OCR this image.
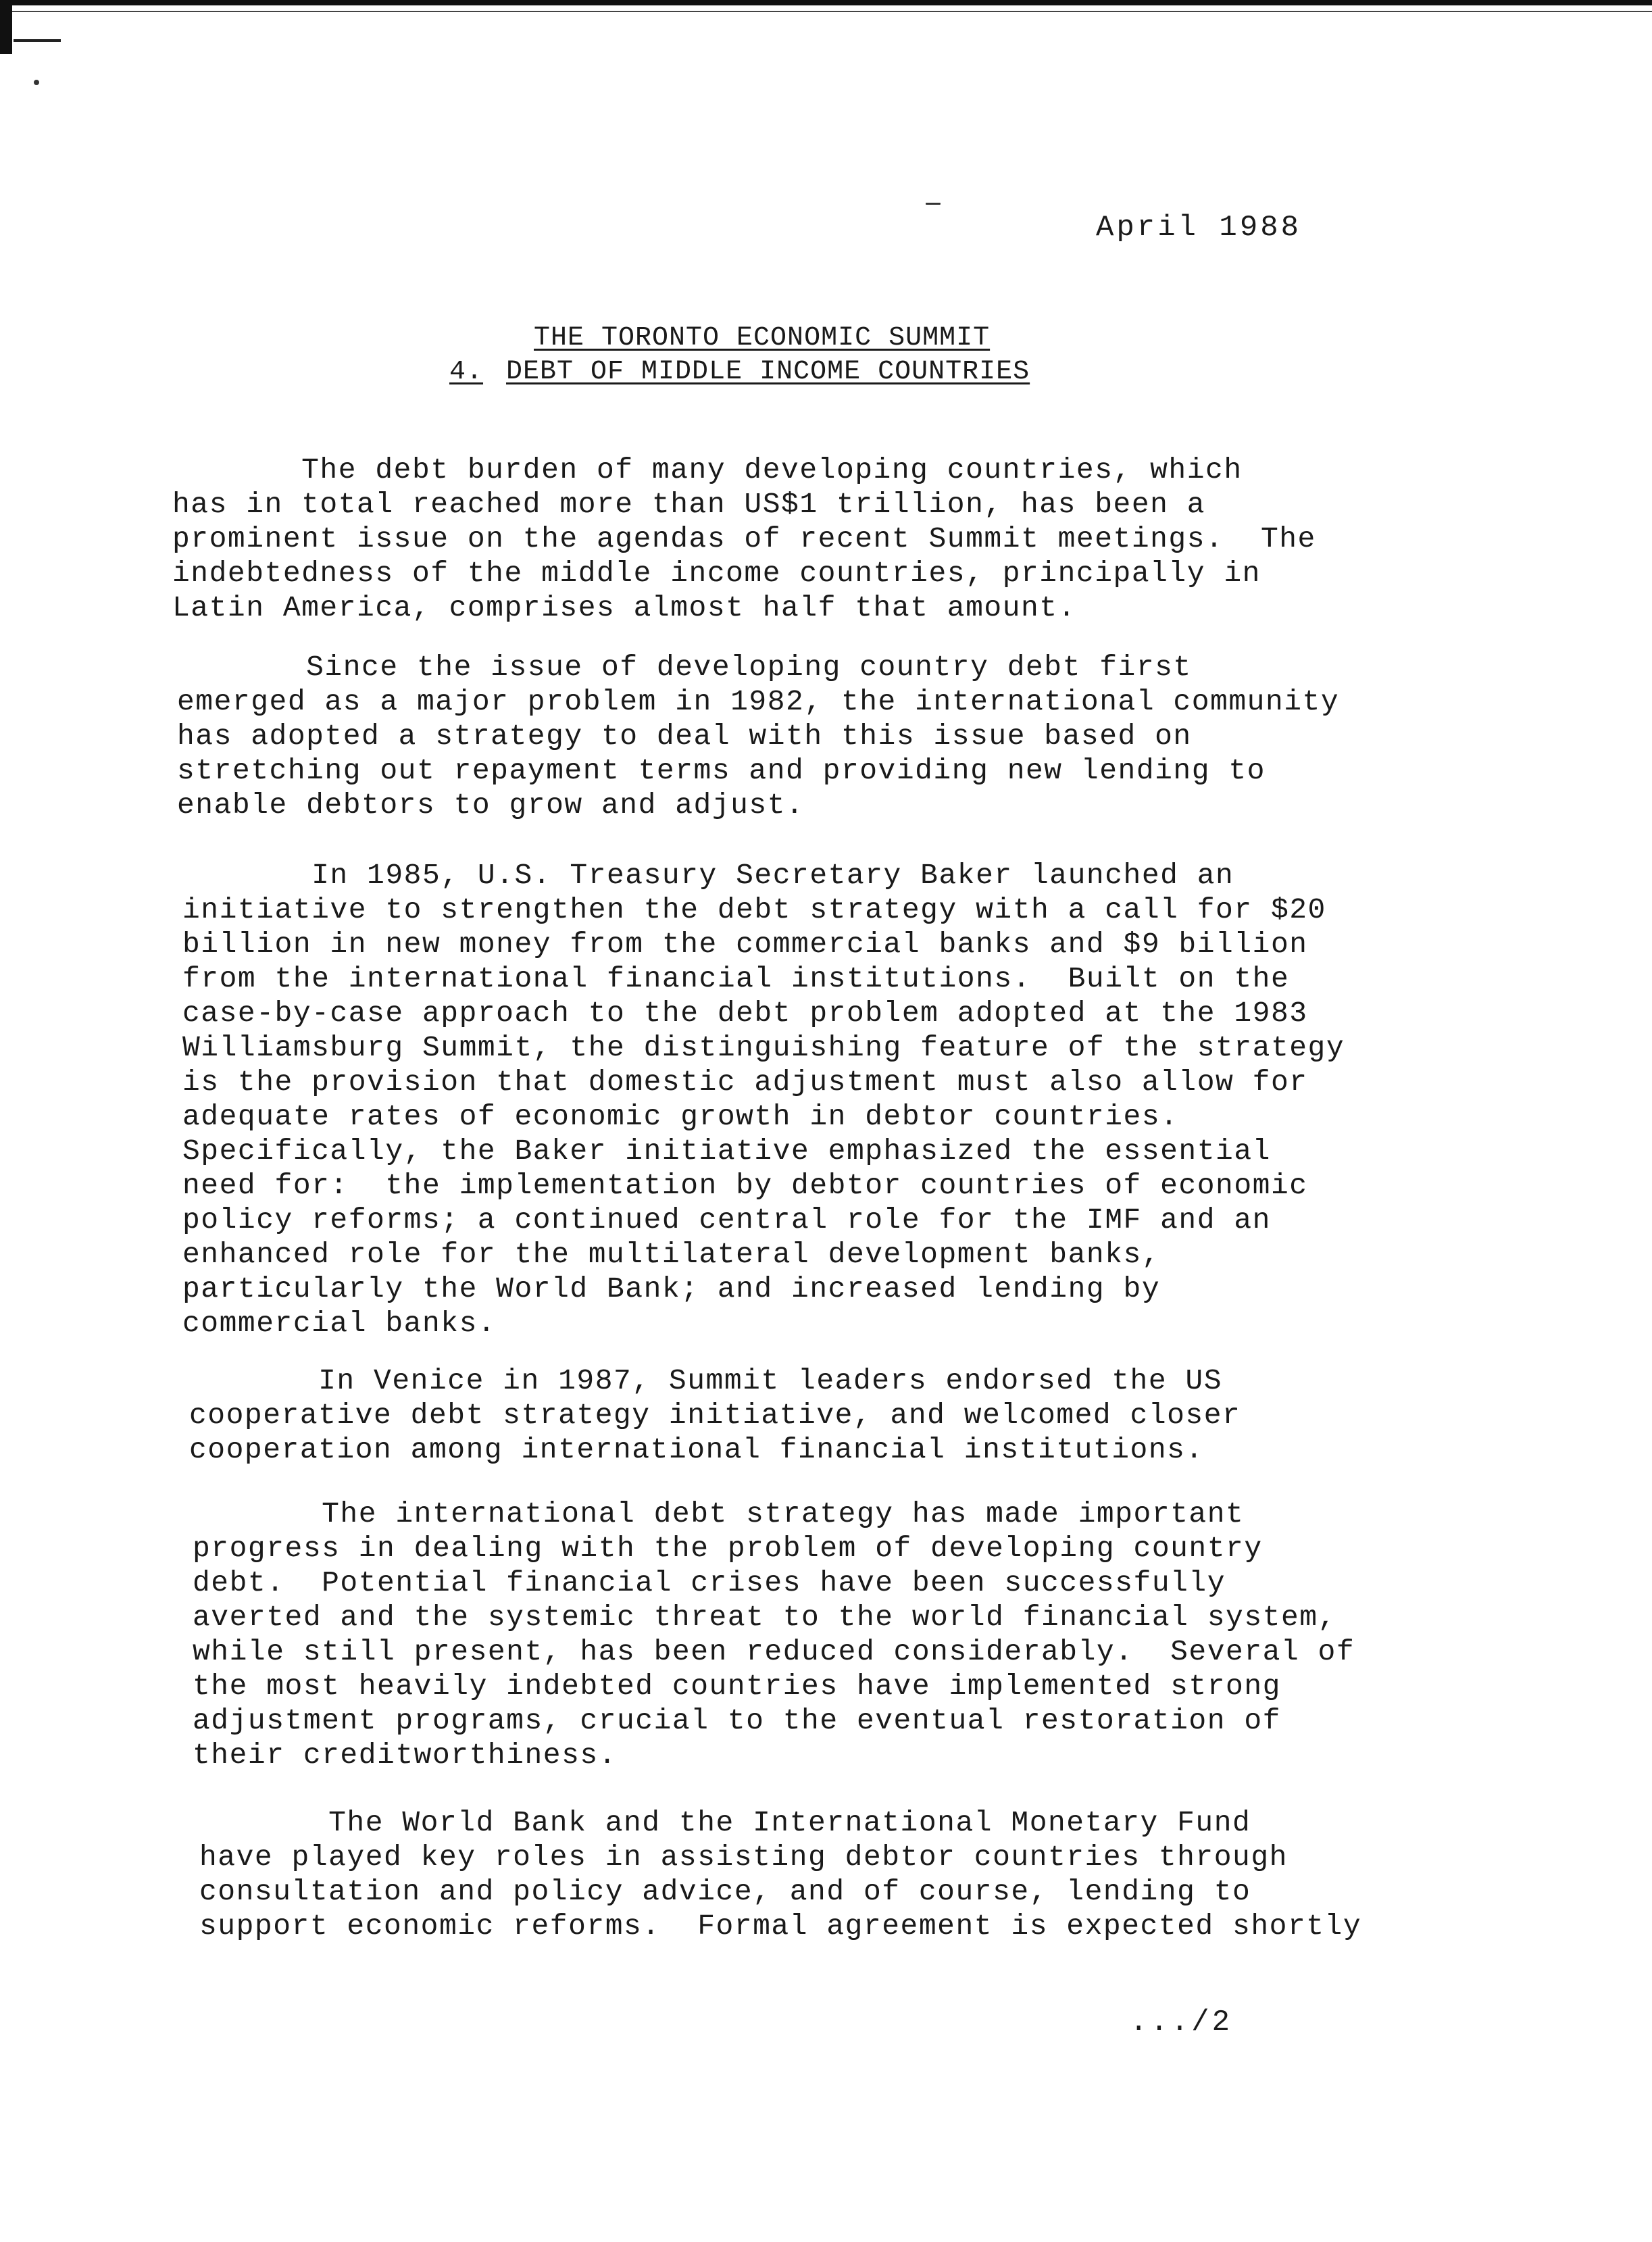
April 1988
THE TORONTO ECONOMIC SUMMIT
4. DEBT OF MIDDLE INCOME COUNTRIES

The debt burden of many developing countries, which
has in total reached more than US$1 trillion, has been a
prominent issue on the agendas of recent Summit meetings.  The
indebtedness of the middle income countries, principally in
Latin America, comprises almost half that amount.

Since the issue of developing country debt first
emerged as a major problem in 1982, the international community
has adopted a strategy to deal with this issue based on
stretching out repayment terms and providing new lending to
enable debtors to grow and adjust.

In 1985, U.S. Treasury Secretary Baker launched an
initiative to strengthen the debt strategy with a call for $20
billion in new money from the commercial banks and $9 billion
from the international financial institutions.  Built on the
case-by-case approach to the debt problem adopted at the 1983
Williamsburg Summit, the distinguishing feature of the strategy
is the provision that domestic adjustment must also allow for
adequate rates of economic growth in debtor countries.
Specifically, the Baker initiative emphasized the essential
need for:  the implementation by debtor countries of economic
policy reforms; a continued central role for the IMF and an
enhanced role for the multilateral development banks,
particularly the World Bank; and increased lending by
commercial banks.

In Venice in 1987, Summit leaders endorsed the US
cooperative debt strategy initiative, and welcomed closer
cooperation among international financial institutions.

The international debt strategy has made important
progress in dealing with the problem of developing country
debt.  Potential financial crises have been successfully
averted and the systemic threat to the world financial system,
while still present, has been reduced considerably.  Several of
the most heavily indebted countries have implemented strong
adjustment programs, crucial to the eventual restoration of
their creditworthiness.

The World Bank and the International Monetary Fund
have played key roles in assisting debtor countries through
consultation and policy advice, and of course, lending to
support economic reforms.  Formal agreement is expected shortly

.../2
